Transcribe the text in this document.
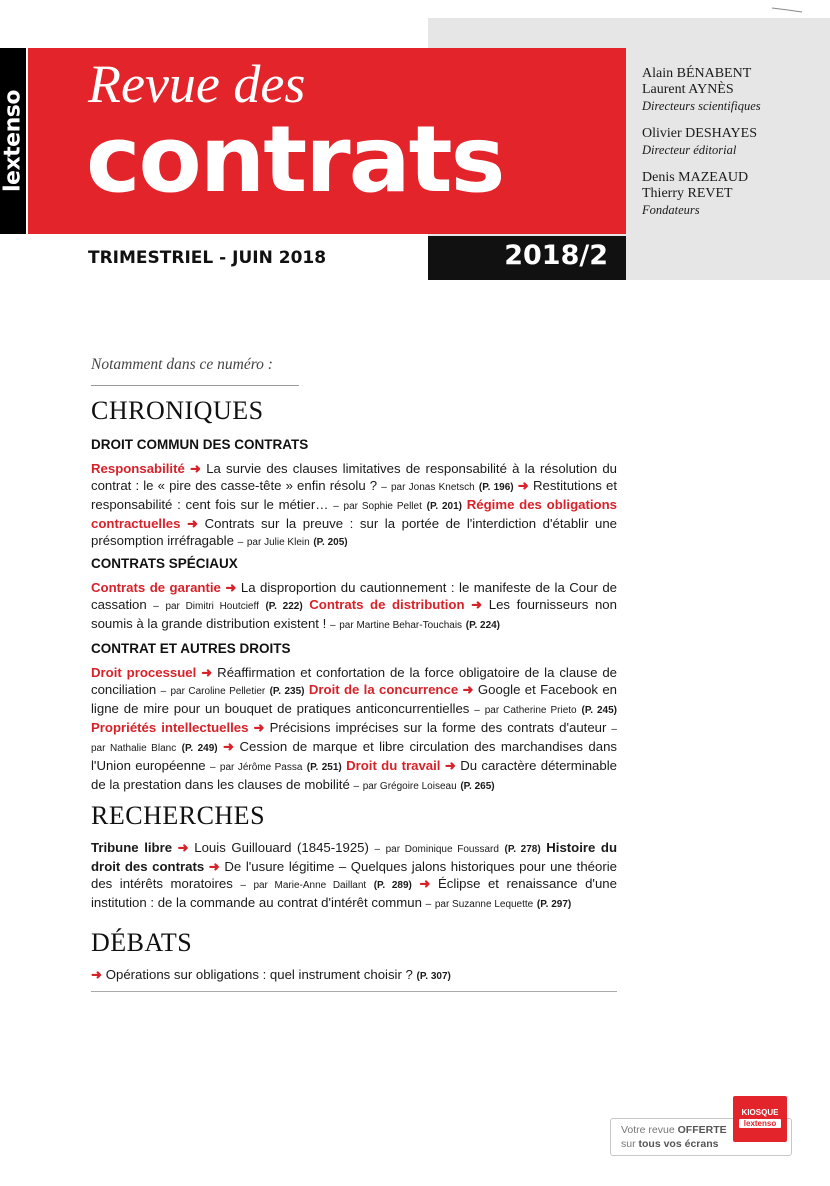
lextenso
Revue des
contrats
Alain BÉNABENT
Laurent AYNÈS
Directeurs scientifiques
Olivier DESHAYES
Directeur éditorial
Denis MAZEAUD
Thierry REVET
Fondateurs
TRIMESTRIEL - JUIN 2018	2018/2
Notamment dans ce numéro :
CHRONIQUES
DROIT COMMUN DES CONTRATS
Responsabilité ➜ La survie des clauses limitatives de responsabilité à la résolution du contrat : le « pire des casse-tête » enfin résolu ? – par Jonas Knetsch (P. 196) ➜ Restitutions et responsabilité : cent fois sur le métier… – par Sophie Pellet (P. 201) Régime des obligations contractuelles ➜ Contrats sur la preuve : sur la portée de l'interdiction d'établir une présomption irréfragable – par Julie Klein (P. 205)
CONTRATS SPÉCIAUX
Contrats de garantie ➜ La disproportion du cautionnement : le manifeste de la Cour de cassation – par Dimitri Houtcieff (P. 222) Contrats de distribution ➜ Les fournisseurs non soumis à la grande distribution existent ! – par Martine Behar-Touchais (P. 224)
CONTRAT ET AUTRES DROITS
Droit processuel ➜ Réaffirmation et confortation de la force obligatoire de la clause de conciliation – par Caroline Pelletier (P. 235) Droit de la concurrence ➜ Google et Facebook en ligne de mire pour un bouquet de pratiques anticoncurrentielles – par Catherine Prieto (P. 245) Propriétés intellectuelles ➜ Précisions imprécises sur la forme des contrats d'auteur – par Nathalie Blanc (P. 249) ➜ Cession de marque et libre circulation des marchandises dans l'Union européenne – par Jérôme Passa (P. 251) Droit du travail ➜ Du caractère déterminable de la prestation dans les clauses de mobilité – par Grégoire Loiseau (P. 265)
RECHERCHES
Tribune libre ➜ Louis Guillouard (1845-1925) – par Dominique Foussard (P. 278) Histoire du droit des contrats ➜ De l'usure légitime – Quelques jalons historiques pour une théorie des intérêts moratoires – par Marie-Anne Daillant (P. 289) ➜ Éclipse et renaissance d'une institution : de la commande au contrat d'intérêt commun – par Suzanne Lequette (P. 297)
DÉBATS
➜ Opérations sur obligations : quel instrument choisir ? (P. 307)
Votre revue OFFERTE
sur tous vos écrans
KIOSQUE
lextenso
